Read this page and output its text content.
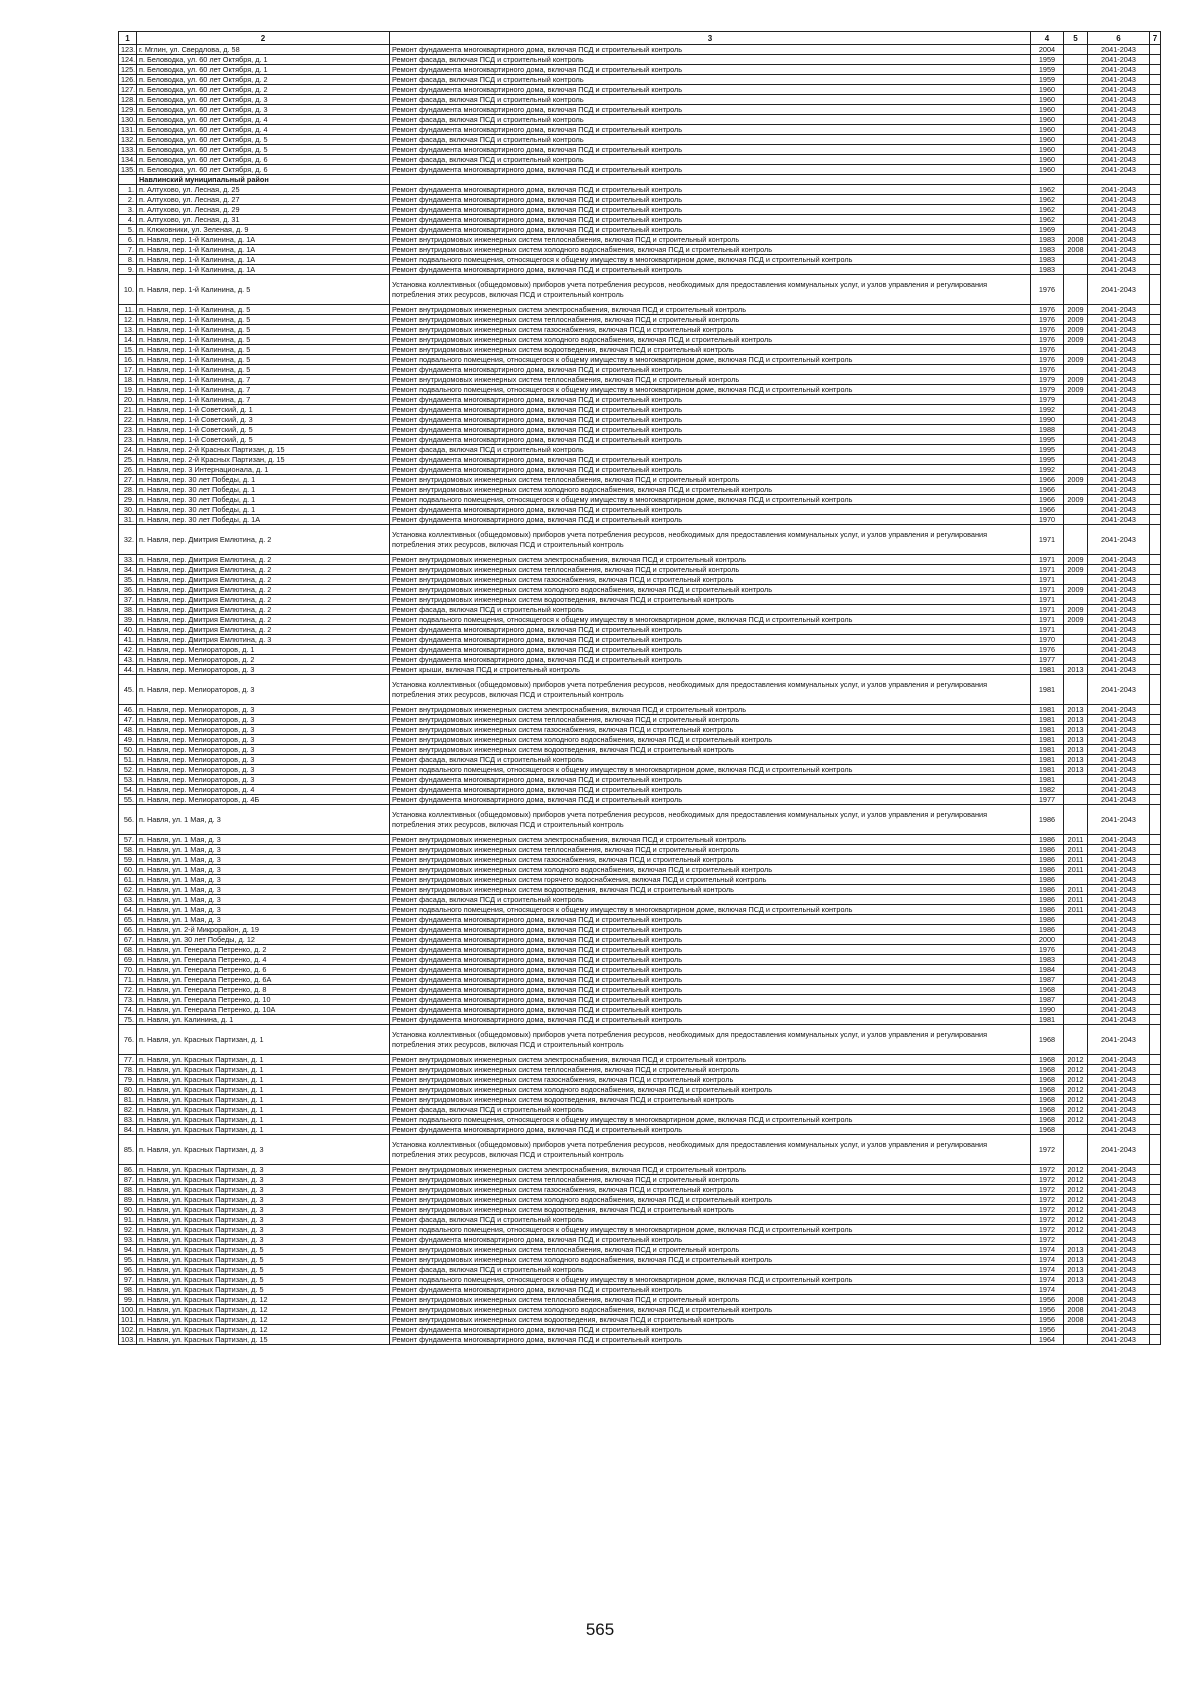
1	2	3	4	5	6	7
123.	г. Мглин, ул. Свердлова, д. 58	Ремонт фундамента многоквартирного дома, включая ПСД и строительный контроль	2004		2041-2043	
124.	п. Беловодка, ул. 60 лет Октября, д. 1	Ремонт фасада, включая ПСД и строительный контроль	1959		2041-2043	
125.	п. Беловодка, ул. 60 лет Октября, д. 1	Ремонт фундамента многоквартирного дома, включая ПСД и строительный контроль	1959		2041-2043	
126.	п. Беловодка, ул. 60 лет Октября, д. 2	Ремонт фасада, включая ПСД и строительный контроль	1959		2041-2043	
127.	п. Беловодка, ул. 60 лет Октября, д. 2	Ремонт фундамента многоквартирного дома, включая ПСД и строительный контроль	1960		2041-2043	
128.	п. Беловодка, ул. 60 лет Октября, д. 3	Ремонт фасада, включая ПСД и строительный контроль	1960		2041-2043	
129.	п. Беловодка, ул. 60 лет Октября, д. 3	Ремонт фундамента многоквартирного дома, включая ПСД и строительный контроль	1960		2041-2043	
130.	п. Беловодка, ул. 60 лет Октября, д. 4	Ремонт фасада, включая ПСД и строительный контроль	1960		2041-2043	
131.	п. Беловодка, ул. 60 лет Октября, д. 4	Ремонт фундамента многоквартирного дома, включая ПСД и строительный контроль	1960		2041-2043	
132.	п. Беловодка, ул. 60 лет Октября, д. 5	Ремонт фасада, включая ПСД и строительный контроль	1960		2041-2043	
133.	п. Беловодка, ул. 60 лет Октября, д. 5	Ремонт фундамента многоквартирного дома, включая ПСД и строительный контроль	1960		2041-2043	
134.	п. Беловодка, ул. 60 лет Октября, д. 6	Ремонт фасада, включая ПСД и строительный контроль	1960		2041-2043	
135.	п. Беловодка, ул. 60 лет Октября, д. 6	Ремонт фундамента многоквартирного дома, включая ПСД и строительный контроль	1960		2041-2043	
	Навлинский муниципальный район					
1.	п. Алтухово, ул. Лесная, д. 25	Ремонт фундамента многоквартирного дома, включая ПСД и строительный контроль	1962		2041-2043	
2.	п. Алтухово, ул. Лесная, д. 27	Ремонт фундамента многоквартирного дома, включая ПСД и строительный контроль	1962		2041-2043	
3.	п. Алтухово, ул. Лесная, д. 29	Ремонт фундамента многоквартирного дома, включая ПСД и строительный контроль	1962		2041-2043	
4.	п. Алтухово, ул. Лесная, д. 31	Ремонт фундамента многоквартирного дома, включая ПСД и строительный контроль	1962		2041-2043	
5.	п. Клюковники, ул. Зеленая, д. 9	Ремонт фундамента многоквартирного дома, включая ПСД и строительный контроль	1969		2041-2043	
6.	п. Навля, пер. 1-й Калинина, д. 1А	Ремонт внутридомовых инженерных систем теплоснабжения, включая ПСД и строительный контроль	1983	2008	2041-2043	
7.	п. Навля, пер. 1-й Калинина, д. 1А	Ремонт внутридомовых инженерных систем холодного водоснабжения, включая ПСД и строительный контроль	1983	2008	2041-2043	
8.	п. Навля, пер. 1-й Калинина, д. 1А	Ремонт подвального помещения, относящегося к общему имуществу в многоквартирном доме, включая ПСД и строительный контроль	1983		2041-2043	
9.	п. Навля, пер. 1-й Калинина, д. 1А	Ремонт фундамента многоквартирного дома, включая ПСД и строительный контроль	1983		2041-2043	
10.	п. Навля, пер. 1-й Калинина, д. 5	Установка коллективных (общедомовых) приборов учета потребления ресурсов, необходимых для предоставления коммунальных услуг, и узлов управления и регулирования потребления этих ресурсов, включая ПСД и строительный контроль	1976		2041-2043	
11.	п. Навля, пер. 1-й Калинина, д. 5	Ремонт внутридомовых инженерных систем электроснабжения, включая ПСД и строительный контроль	1976	2009	2041-2043	
12.	п. Навля, пер. 1-й Калинина, д. 5	Ремонт внутридомовых инженерных систем теплоснабжения, включая ПСД и строительный контроль	1976	2009	2041-2043	
13.	п. Навля, пер. 1-й Калинина, д. 5	Ремонт внутридомовых инженерных систем газоснабжения, включая ПСД и строительный контроль	1976	2009	2041-2043	
14.	п. Навля, пер. 1-й Калинина, д. 5	Ремонт внутридомовых инженерных систем холодного водоснабжения, включая ПСД и строительный контроль	1976	2009	2041-2043	
15.	п. Навля, пер. 1-й Калинина, д. 5	Ремонт внутридомовых инженерных систем водоотведения, включая ПСД и строительный контроль	1976		2041-2043	
16.	п. Навля, пер. 1-й Калинина, д. 5	Ремонт подвального помещения, относящегося к общему имуществу в многоквартирном доме, включая ПСД и строительный контроль	1976	2009	2041-2043	
17.	п. Навля, пер. 1-й Калинина, д. 5	Ремонт фундамента многоквартирного дома, включая ПСД и строительный контроль	1976		2041-2043	
18.	п. Навля, пер. 1-й Калинина, д. 7	Ремонт внутридомовых инженерных систем теплоснабжения, включая ПСД и строительный контроль	1979	2009	2041-2043	
19.	п. Навля, пер. 1-й Калинина, д. 7	Ремонт подвального помещения, относящегося к общему имуществу в многоквартирном доме, включая ПСД и строительный контроль	1979	2009	2041-2043	
20.	п. Навля, пер. 1-й Калинина, д. 7	Ремонт фундамента многоквартирного дома, включая ПСД и строительный контроль	1979		2041-2043	
21.	п. Навля, пер. 1-й Советский, д. 1	Ремонт фундамента многоквартирного дома, включая ПСД и строительный контроль	1992		2041-2043	
22.	п. Навля, пер. 1-й Советский, д. 3	Ремонт фундамента многоквартирного дома, включая ПСД и строительный контроль	1990		2041-2043	
23.	п. Навля, пер. 1-й Советский, д. 5	Ремонт фундамента многоквартирного дома, включая ПСД и строительный контроль	1988		2041-2043	
23.	п. Навля, пер. 1-й Советский, д. 5	Ремонт фундамента многоквартирного дома, включая ПСД и строительный контроль	1995		2041-2043	
24.	п. Навля, пер. 2-й Красных Партизан, д. 15	Ремонт фасада, включая ПСД и строительный контроль	1995		2041-2043	
25.	п. Навля, пер. 2-й Красных Партизан, д. 15	Ремонт фундамента многоквартирного дома, включая ПСД и строительный контроль	1995		2041-2043	
26.	п. Навля, пер. 3 Интернационала, д. 1	Ремонт фундамента многоквартирного дома, включая ПСД и строительный контроль	1992		2041-2043	
27.	п. Навля, пер. 30 лет Победы, д. 1	Ремонт внутридомовых инженерных систем теплоснабжения, включая ПСД и строительный контроль	1966	2009	2041-2043	
28.	п. Навля, пер. 30 лет Победы, д. 1	Ремонт внутридомовых инженерных систем холодного водоснабжения, включая ПСД и строительный контроль	1966		2041-2043	
29.	п. Навля, пер. 30 лет Победы, д. 1	Ремонт подвального помещения, относящегося к общему имуществу в многоквартирном доме, включая ПСД и строительный контроль	1966	2009	2041-2043	
30.	п. Навля, пер. 30 лет Победы, д. 1	Ремонт фундамента многоквартирного дома, включая ПСД и строительный контроль	1966		2041-2043	
31.	п. Навля, пер. 30 лет Победы, д. 1А	Ремонт фундамента многоквартирного дома, включая ПСД и строительный контроль	1970		2041-2043	
32.	п. Навля, пер. Дмитрия Емлютина, д. 2	Установка коллективных (общедомовых) приборов учета потребления ресурсов, необходимых для предоставления коммунальных услуг, и узлов управления и регулирования потребления этих ресурсов, включая ПСД и строительный контроль	1971		2041-2043	
33.	п. Навля, пер. Дмитрия Емлютина, д. 2	Ремонт внутридомовых инженерных систем электроснабжения, включая ПСД и строительный контроль	1971	2009	2041-2043	
34.	п. Навля, пер. Дмитрия Емлютина, д. 2	Ремонт внутридомовых инженерных систем теплоснабжения, включая ПСД и строительный контроль	1971	2009	2041-2043	
35.	п. Навля, пер. Дмитрия Емлютина, д. 2	Ремонт внутридомовых инженерных систем газоснабжения, включая ПСД и строительный контроль	1971		2041-2043	
36.	п. Навля, пер. Дмитрия Емлютина, д. 2	Ремонт внутридомовых инженерных систем холодного водоснабжения, включая ПСД и строительный контроль	1971	2009	2041-2043	
37.	п. Навля, пер. Дмитрия Емлютина, д. 2	Ремонт внутридомовых инженерных систем водоотведения, включая ПСД и строительный контроль	1971		2041-2043	
38.	п. Навля, пер. Дмитрия Емлютина, д. 2	Ремонт фасада, включая ПСД и строительный контроль	1971	2009	2041-2043	
39.	п. Навля, пер. Дмитрия Емлютина, д. 2	Ремонт подвального помещения, относящегося к общему имуществу в многоквартирном доме, включая ПСД и строительный контроль	1971	2009	2041-2043	
40.	п. Навля, пер. Дмитрия Емлютина, д. 2	Ремонт фундамента многоквартирного дома, включая ПСД и строительный контроль	1971		2041-2043	
41.	п. Навля, пер. Дмитрия Емлютина, д. 3	Ремонт фундамента многоквартирного дома, включая ПСД и строительный контроль	1970		2041-2043	
42.	п. Навля, пер. Мелиораторов, д. 1	Ремонт фундамента многоквартирного дома, включая ПСД и строительный контроль	1976		2041-2043	
43.	п. Навля, пер. Мелиораторов, д. 2	Ремонт фундамента многоквартирного дома, включая ПСД и строительный контроль	1977		2041-2043	
44.	п. Навля, пер. Мелиораторов, д. 3	Ремонт крыши, включая ПСД и строительный контроль	1981	2013	2041-2043	
45.	п. Навля, пер. Мелиораторов, д. 3	Установка коллективных (общедомовых) приборов учета потребления ресурсов, необходимых для предоставления коммунальных услуг, и узлов управления и регулирования потребления этих ресурсов, включая ПСД и строительный контроль	1981		2041-2043	
46.	п. Навля, пер. Мелиораторов, д. 3	Ремонт внутридомовых инженерных систем электроснабжения, включая ПСД и строительный контроль	1981	2013	2041-2043	
47.	п. Навля, пер. Мелиораторов, д. 3	Ремонт внутридомовых инженерных систем теплоснабжения, включая ПСД и строительный контроль	1981	2013	2041-2043	
48.	п. Навля, пер. Мелиораторов, д. 3	Ремонт внутридомовых инженерных систем газоснабжения, включая ПСД и строительный контроль	1981	2013	2041-2043	
49.	п. Навля, пер. Мелиораторов, д. 3	Ремонт внутридомовых инженерных систем холодного водоснабжения, включая ПСД и строительный контроль	1981	2013	2041-2043	
50.	п. Навля, пер. Мелиораторов, д. 3	Ремонт внутридомовых инженерных систем водоотведения, включая ПСД и строительный контроль	1981	2013	2041-2043	
51.	п. Навля, пер. Мелиораторов, д. 3	Ремонт фасада, включая ПСД и строительный контроль	1981	2013	2041-2043	
52.	п. Навля, пер. Мелиораторов, д. 3	Ремонт подвального помещения, относящегося к общему имуществу в многоквартирном доме, включая ПСД и строительный контроль	1981	2013	2041-2043	
53.	п. Навля, пер. Мелиораторов, д. 3	Ремонт фундамента многоквартирного дома, включая ПСД и строительный контроль	1981		2041-2043	
54.	п. Навля, пер. Мелиораторов, д. 4	Ремонт фундамента многоквартирного дома, включая ПСД и строительный контроль	1982		2041-2043	
55.	п. Навля, пер. Мелиораторов, д. 4Б	Ремонт фундамента многоквартирного дома, включая ПСД и строительный контроль	1977		2041-2043	
56.	п. Навля, ул. 1 Мая, д. 3	Установка коллективных (общедомовых) приборов учета потребления ресурсов, необходимых для предоставления коммунальных услуг, и узлов управления и регулирования потребления этих ресурсов, включая ПСД и строительный контроль	1986		2041-2043	
57.	п. Навля, ул. 1 Мая, д. 3	Ремонт внутридомовых инженерных систем электроснабжения, включая ПСД и строительный контроль	1986	2011	2041-2043	
58.	п. Навля, ул. 1 Мая, д. 3	Ремонт внутридомовых инженерных систем теплоснабжения, включая ПСД и строительный контроль	1986	2011	2041-2043	
59.	п. Навля, ул. 1 Мая, д. 3	Ремонт внутридомовых инженерных систем газоснабжения, включая ПСД и строительный контроль	1986	2011	2041-2043	
60.	п. Навля, ул. 1 Мая, д. 3	Ремонт внутридомовых инженерных систем холодного водоснабжения, включая ПСД и строительный контроль	1986	2011	2041-2043	
61.	п. Навля, ул. 1 Мая, д. 3	Ремонт внутридомовых инженерных систем горячего водоснабжения, включая ПСД и строительный контроль	1986		2041-2043	
62.	п. Навля, ул. 1 Мая, д. 3	Ремонт внутридомовых инженерных систем водоотведения, включая ПСД и строительный контроль	1986	2011	2041-2043	
63.	п. Навля, ул. 1 Мая, д. 3	Ремонт фасада, включая ПСД и строительный контроль	1986	2011	2041-2043	
64.	п. Навля, ул. 1 Мая, д. 3	Ремонт подвального помещения, относящегося к общему имуществу в многоквартирном доме, включая ПСД и строительный контроль	1986	2011	2041-2043	
65.	п. Навля, ул. 1 Мая, д. 3	Ремонт фундамента многоквартирного дома, включая ПСД и строительный контроль	1986		2041-2043	
66.	п. Навля, ул. 2-й Микрорайон, д. 19	Ремонт фундамента многоквартирного дома, включая ПСД и строительный контроль	1986		2041-2043	
67.	п. Навля, ул. 30 лет Победы, д. 12	Ремонт фундамента многоквартирного дома, включая ПСД и строительный контроль	2000		2041-2043	
68.	п. Навля, ул. Генерала Петренко, д. 2	Ремонт фундамента многоквартирного дома, включая ПСД и строительный контроль	1976		2041-2043	
69.	п. Навля, ул. Генерала Петренко, д. 4	Ремонт фундамента многоквартирного дома, включая ПСД и строительный контроль	1983		2041-2043	
70.	п. Навля, ул. Генерала Петренко, д. 6	Ремонт фундамента многоквартирного дома, включая ПСД и строительный контроль	1984		2041-2043	
71.	п. Навля, ул. Генерала Петренко, д. 6А	Ремонт фундамента многоквартирного дома, включая ПСД и строительный контроль	1987		2041-2043	
72.	п. Навля, ул. Генерала Петренко, д. 8	Ремонт фундамента многоквартирного дома, включая ПСД и строительный контроль	1968		2041-2043	
73.	п. Навля, ул. Генерала Петренко, д. 10	Ремонт фундамента многоквартирного дома, включая ПСД и строительный контроль	1987		2041-2043	
74.	п. Навля, ул. Генерала Петренко, д. 10А	Ремонт фундамента многоквартирного дома, включая ПСД и строительный контроль	1990		2041-2043	
75.	п. Навля, ул. Калинина, д. 1	Ремонт фундамента многоквартирного дома, включая ПСД и строительный контроль	1981		2041-2043	
76.	п. Навля, ул. Красных Партизан, д. 1	Установка коллективных (общедомовых) приборов учета потребления ресурсов, необходимых для предоставления коммунальных услуг, и узлов управления и регулирования потребления этих ресурсов, включая ПСД и строительный контроль	1968		2041-2043	
77.	п. Навля, ул. Красных Партизан, д. 1	Ремонт внутридомовых инженерных систем электроснабжения, включая ПСД и строительный контроль	1968	2012	2041-2043	
78.	п. Навля, ул. Красных Партизан, д. 1	Ремонт внутридомовых инженерных систем теплоснабжения, включая ПСД и строительный контроль	1968	2012	2041-2043	
79.	п. Навля, ул. Красных Партизан, д. 1	Ремонт внутридомовых инженерных систем газоснабжения, включая ПСД и строительный контроль	1968	2012	2041-2043	
80.	п. Навля, ул. Красных Партизан, д. 1	Ремонт внутридомовых инженерных систем холодного водоснабжения, включая ПСД и строительный контроль	1968	2012	2041-2043	
81.	п. Навля, ул. Красных Партизан, д. 1	Ремонт внутридомовых инженерных систем водоотведения, включая ПСД и строительный контроль	1968	2012	2041-2043	
82.	п. Навля, ул. Красных Партизан, д. 1	Ремонт фасада, включая ПСД и строительный контроль	1968	2012	2041-2043	
83.	п. Навля, ул. Красных Партизан, д. 1	Ремонт подвального помещения, относящегося к общему имуществу в многоквартирном доме, включая ПСД и строительный контроль	1968	2012	2041-2043	
84.	п. Навля, ул. Красных Партизан, д. 1	Ремонт фундамента многоквартирного дома, включая ПСД и строительный контроль	1968		2041-2043	
85.	п. Навля, ул. Красных Партизан, д. 3	Установка коллективных (общедомовых) приборов учета потребления ресурсов, необходимых для предоставления коммунальных услуг, и узлов управления и регулирования потребления этих ресурсов, включая ПСД и строительный контроль	1972		2041-2043	
86.	п. Навля, ул. Красных Партизан, д. 3	Ремонт внутридомовых инженерных систем электроснабжения, включая ПСД и строительный контроль	1972	2012	2041-2043	
87.	п. Навля, ул. Красных Партизан, д. 3	Ремонт внутридомовых инженерных систем теплоснабжения, включая ПСД и строительный контроль	1972	2012	2041-2043	
88.	п. Навля, ул. Красных Партизан, д. 3	Ремонт внутридомовых инженерных систем газоснабжения, включая ПСД и строительный контроль	1972	2012	2041-2043	
89.	п. Навля, ул. Красных Партизан, д. 3	Ремонт внутридомовых инженерных систем холодного водоснабжения, включая ПСД и строительный контроль	1972	2012	2041-2043	
90.	п. Навля, ул. Красных Партизан, д. 3	Ремонт внутридомовых инженерных систем водоотведения, включая ПСД и строительный контроль	1972	2012	2041-2043	
91.	п. Навля, ул. Красных Партизан, д. 3	Ремонт фасада, включая ПСД и строительный контроль	1972	2012	2041-2043	
92.	п. Навля, ул. Красных Партизан, д. 3	Ремонт подвального помещения, относящегося к общему имуществу в многоквартирном доме, включая ПСД и строительный контроль	1972	2012	2041-2043	
93.	п. Навля, ул. Красных Партизан, д. 3	Ремонт фундамента многоквартирного дома, включая ПСД и строительный контроль	1972		2041-2043	
94.	п. Навля, ул. Красных Партизан, д. 5	Ремонт внутридомовых инженерных систем теплоснабжения, включая ПСД и строительный контроль	1974	2013	2041-2043	
95.	п. Навля, ул. Красных Партизан, д. 5	Ремонт внутридомовых инженерных систем холодного водоснабжения, включая ПСД и строительный контроль	1974	2013	2041-2043	
96.	п. Навля, ул. Красных Партизан, д. 5	Ремонт фасада, включая ПСД и строительный контроль	1974	2013	2041-2043	
97.	п. Навля, ул. Красных Партизан, д. 5	Ремонт подвального помещения, относящегося к общему имуществу в многоквартирном доме, включая ПСД и строительный контроль	1974	2013	2041-2043	
98.	п. Навля, ул. Красных Партизан, д. 5	Ремонт фундамента многоквартирного дома, включая ПСД и строительный контроль	1974		2041-2043	
99.	п. Навля, ул. Красных Партизан, д. 12	Ремонт внутридомовых инженерных систем теплоснабжения, включая ПСД и строительный контроль	1956	2008	2041-2043	
100.	п. Навля, ул. Красных Партизан, д. 12	Ремонт внутридомовых инженерных систем холодного водоснабжения, включая ПСД и строительный контроль	1956	2008	2041-2043	
101.	п. Навля, ул. Красных Партизан, д. 12	Ремонт внутридомовых инженерных систем водоотведения, включая ПСД и строительный контроль	1956	2008	2041-2043	
102.	п. Навля, ул. Красных Партизан, д. 12	Ремонт фундамента многоквартирного дома, включая ПСД и строительный контроль	1956		2041-2043	
103.	п. Навля, ул. Красных Партизан, д. 15	Ремонт фундамента многоквартирного дома, включая ПСД и строительный контроль	1964		2041-2043	
565
